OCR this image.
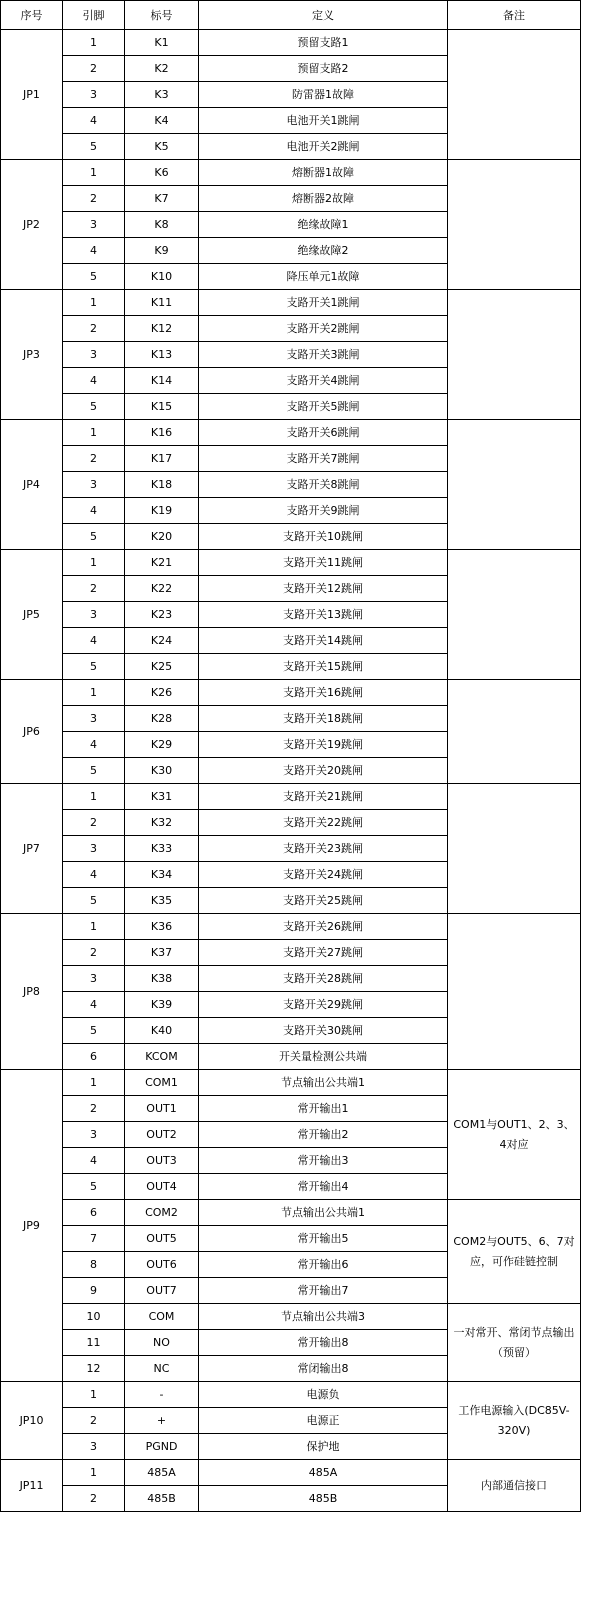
序号	引脚	标号	定义	备注
JP1	1	K1	预留支路1	
	2	K2	预留支路2	
	3	K3	防雷器1故障	
	4	K4	电池开关1跳闸	
	5	K5	电池开关2跳闸	
JP2	1	K6	熔断器1故障	
	2	K7	熔断器2故障	
	3	K8	绝缘故障1	
	4	K9	绝缘故障2	
	5	K10	降压单元1故障	
JP3	1	K11	支路开关1跳闸	
	2	K12	支路开关2跳闸	
	3	K13	支路开关3跳闸	
	4	K14	支路开关4跳闸	
	5	K15	支路开关5跳闸	
JP4	1	K16	支路开关6跳闸	
	2	K17	支路开关7跳闸	
	3	K18	支路开关8跳闸	
	4	K19	支路开关9跳闸	
	5	K20	支路开关10跳闸	
JP5	1	K21	支路开关11跳闸	
	2	K22	支路开关12跳闸	
	3	K23	支路开关13跳闸	
	4	K24	支路开关14跳闸	
	5	K25	支路开关15跳闸	
JP6	1	K26	支路开关16跳闸	
	3	K28	支路开关18跳闸	
	4	K29	支路开关19跳闸	
	5	K30	支路开关20跳闸	
JP7	1	K31	支路开关21跳闸	
	2	K32	支路开关22跳闸	
	3	K33	支路开关23跳闸	
	4	K34	支路开关24跳闸	
	5	K35	支路开关25跳闸	
JP8	1	K36	支路开关26跳闸	
	2	K37	支路开关27跳闸	
	3	K38	支路开关28跳闸	
	4	K39	支路开关29跳闸	
	5	K40	支路开关30跳闸	
	6	KCOM	开关量检测公共端	
JP9	1	COM1	节点输出公共端1	COM1与OUT1、2、3、4对应
	2	OUT1	常开输出1	
	3	OUT2	常开输出2	
	4	OUT3	常开输出3	
	5	OUT4	常开输出4	
	6	COM2	节点输出公共端1	COM2与OUT5、6、7对应，可作硅链控制
	7	OUT5	常开输出5	
	8	OUT6	常开输出6	
	9	OUT7	常开输出7	
	10	COM	节点输出公共端3	一对常开、常闭节点输出（预留）
	11	NO	常开输出8	
	12	NC	常闭输出8	
JP10	1	-	电源负	工作电源输入(DC85V-320V)
	2	+	电源正	
	3	PGND	保护地	
JP11	1	485A	485A	内部通信接口
	2	485B	485B	
